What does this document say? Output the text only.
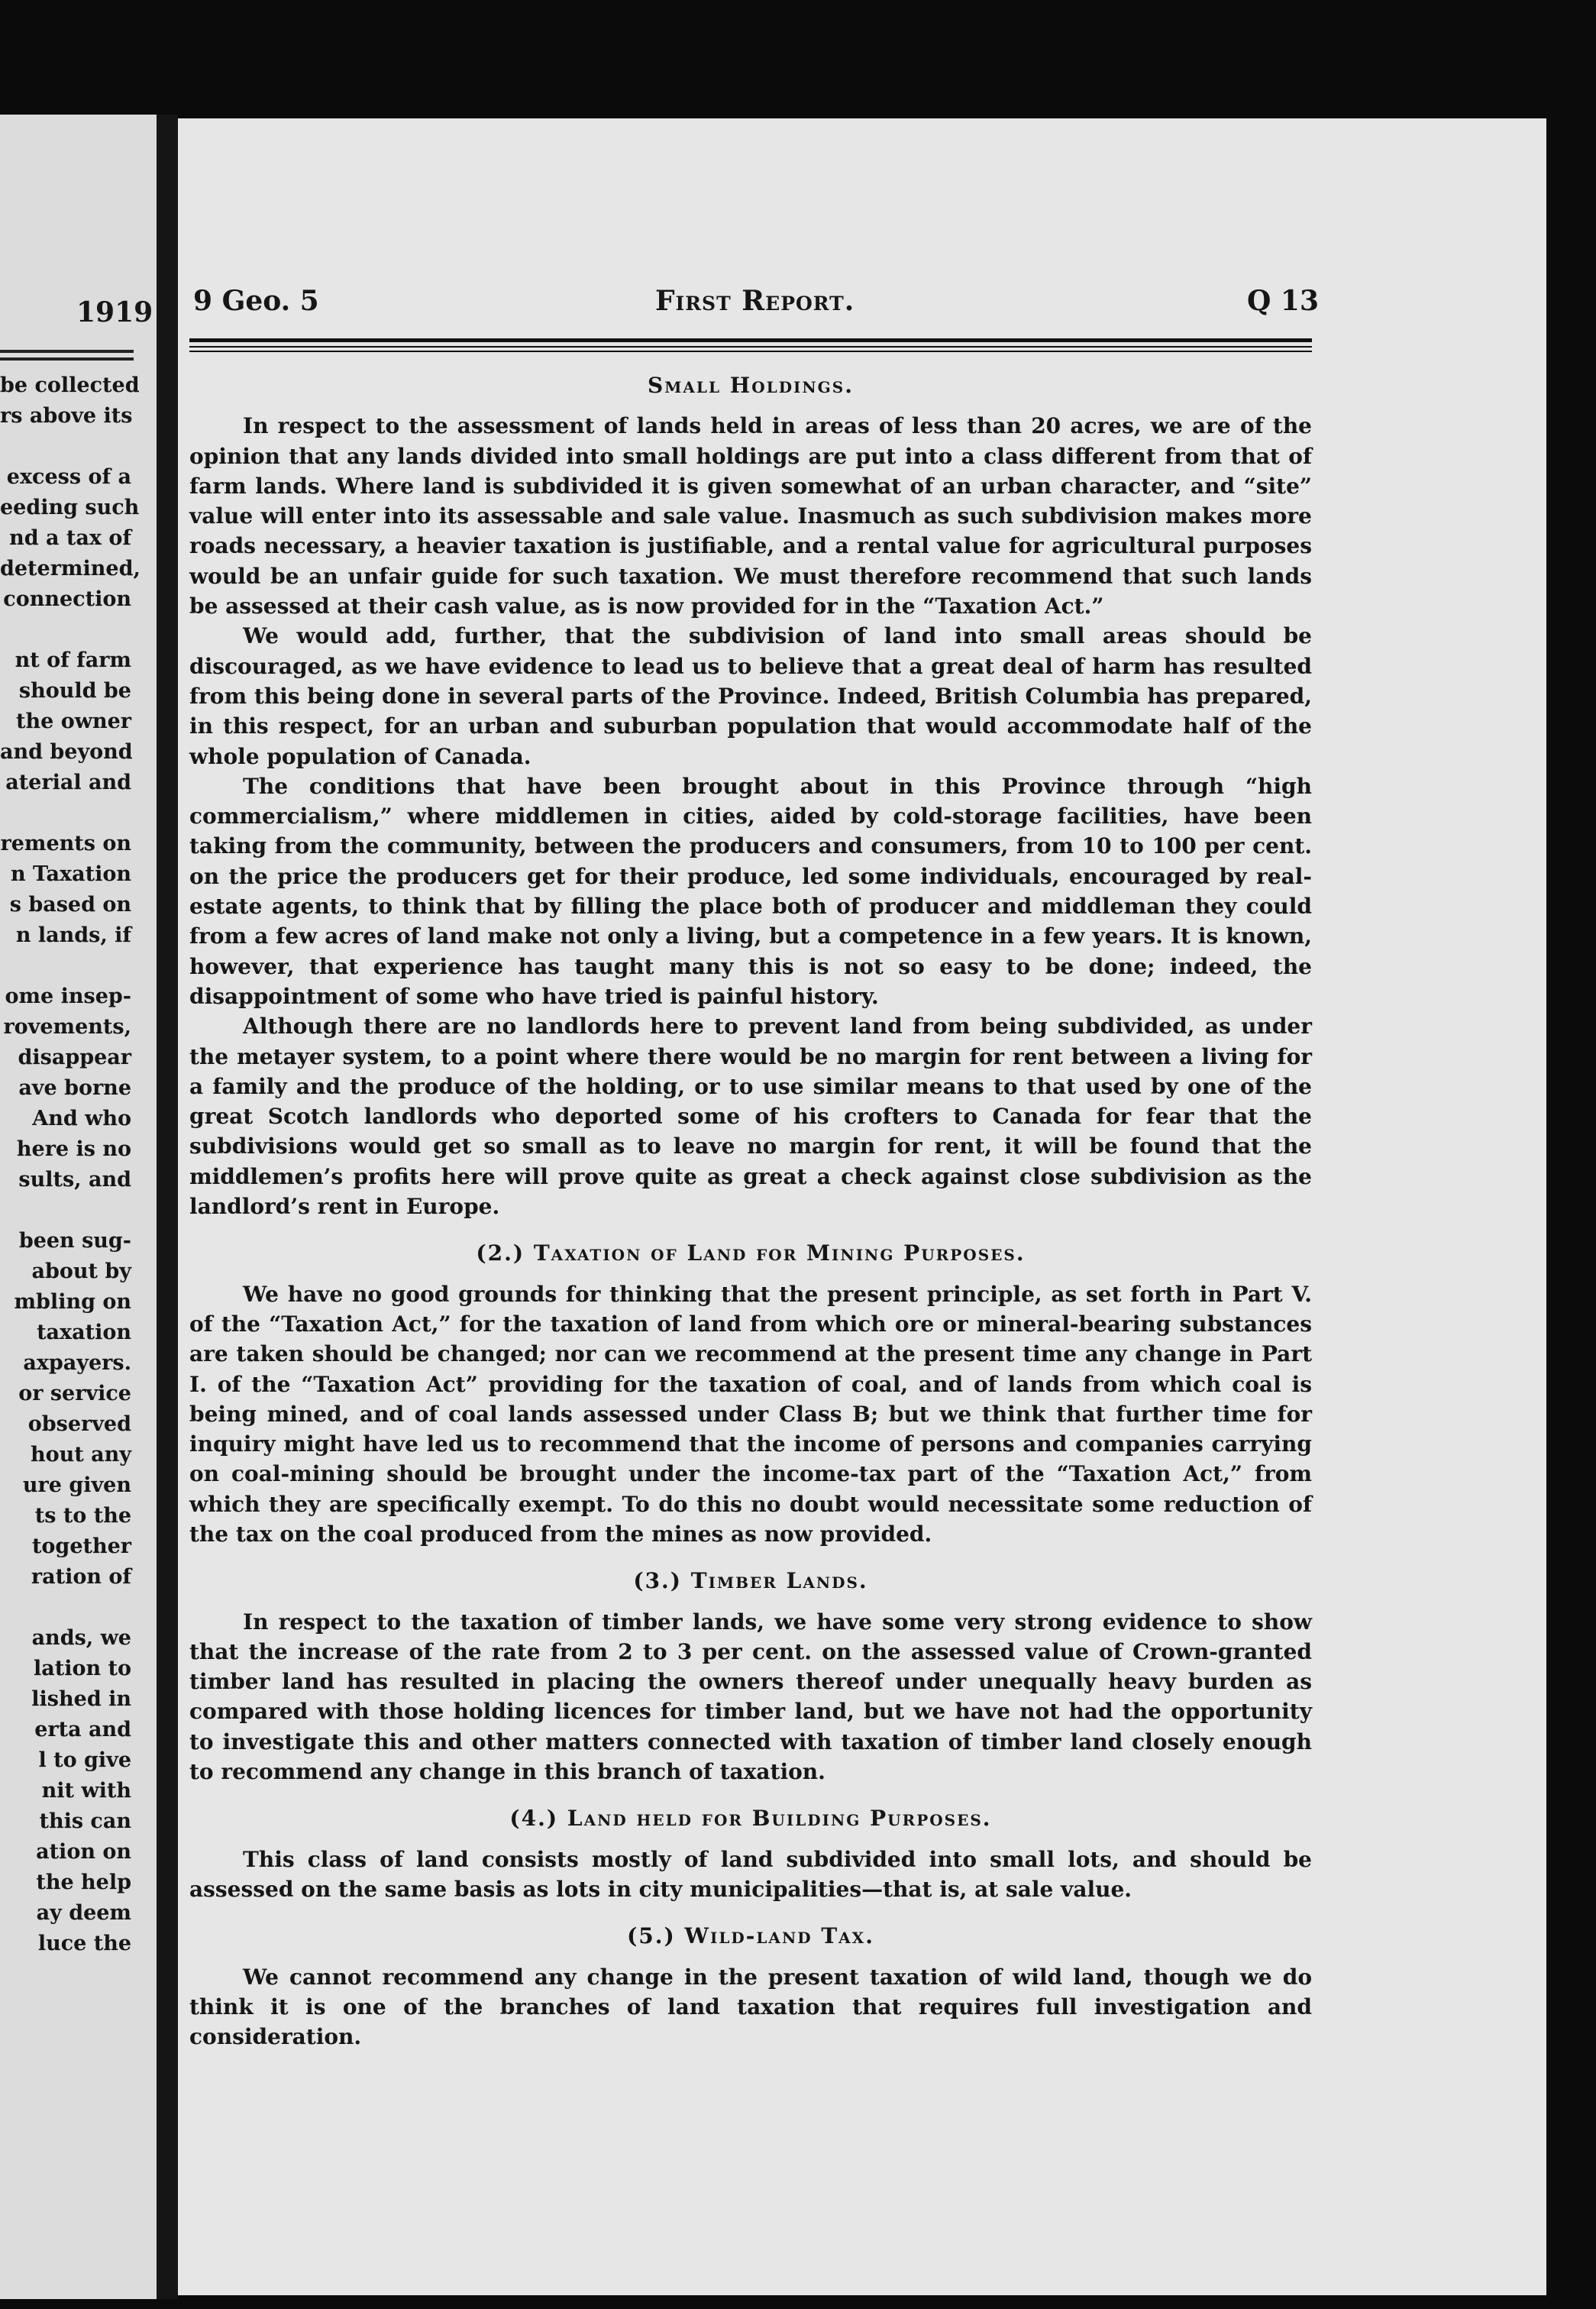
1919
be collected
rs above its
excess of a
eeding such
nd a tax of
determined,
connection
nt of farm
should be
the owner
and beyond
aterial and
rements on
n Taxation
s based on
n lands, if
ome insep-
rovements,
disappear
ave borne
And who
here is no
sults, and
been sug-
about by
mbling on
taxation
axpayers.
or service
observed
hout any
ure given
ts to the
together
ration of
ands, we
lation to
lished in
erta and
l to give
nit with
this can
ation on
the help
ay deem
luce the
9 Geo. 5	First Report.	Q 13
Small Holdings.

In respect to the assessment of lands held in areas of less than 20 acres, we are of the opinion that any lands divided into small holdings are put into a class different from that of farm lands. Where land is subdivided it is given somewhat of an urban character, and “site” value will enter into its assessable and sale value. Inasmuch as such subdivision makes more roads necessary, a heavier taxation is justifiable, and a rental value for agricultural purposes would be an unfair guide for such taxation. We must therefore recommend that such lands be assessed at their cash value, as is now provided for in the “Taxation Act.”

We would add, further, that the subdivision of land into small areas should be discouraged, as we have evidence to lead us to believe that a great deal of harm has resulted from this being done in several parts of the Province. Indeed, British Columbia has prepared, in this respect, for an urban and suburban population that would accommodate half of the whole population of Canada.

The conditions that have been brought about in this Province through “high commercialism,” where middlemen in cities, aided by cold-storage facilities, have been taking from the community, between the producers and consumers, from 10 to 100 per cent. on the price the producers get for their produce, led some individuals, encouraged by real-estate agents, to think that by filling the place both of producer and middleman they could from a few acres of land make not only a living, but a competence in a few years. It is known, however, that experience has taught many this is not so easy to be done; indeed, the disappointment of some who have tried is painful history.

Although there are no landlords here to prevent land from being subdivided, as under the metayer system, to a point where there would be no margin for rent between a living for a family and the produce of the holding, or to use similar means to that used by one of the great Scotch landlords who deported some of his crofters to Canada for fear that the subdivisions would get so small as to leave no margin for rent, it will be found that the middlemen’s profits here will prove quite as great a check against close subdivision as the landlord’s rent in Europe.

(2.) Taxation of Land for Mining Purposes.

We have no good grounds for thinking that the present principle, as set forth in Part V. of the “Taxation Act,” for the taxation of land from which ore or mineral-bearing substances are taken should be changed; nor can we recommend at the present time any change in Part I. of the “Taxation Act” providing for the taxation of coal, and of lands from which coal is being mined, and of coal lands assessed under Class B; but we think that further time for inquiry might have led us to recommend that the income of persons and companies carrying on coal-mining should be brought under the income-tax part of the “Taxation Act,” from which they are specifically exempt. To do this no doubt would necessitate some reduction of the tax on the coal produced from the mines as now provided.

(3.) Timber Lands.

In respect to the taxation of timber lands, we have some very strong evidence to show that the increase of the rate from 2 to 3 per cent. on the assessed value of Crown-granted timber land has resulted in placing the owners thereof under unequally heavy burden as compared with those holding licences for timber land, but we have not had the opportunity to investigate this and other matters connected with taxation of timber land closely enough to recommend any change in this branch of taxation.

(4.) Land held for Building Purposes.

This class of land consists mostly of land subdivided into small lots, and should be assessed on the same basis as lots in city municipalities—that is, at sale value.

(5.) Wild-land Tax.

We cannot recommend any change in the present taxation of wild land, though we do think it is one of the branches of land taxation that requires full investigation and consideration.
